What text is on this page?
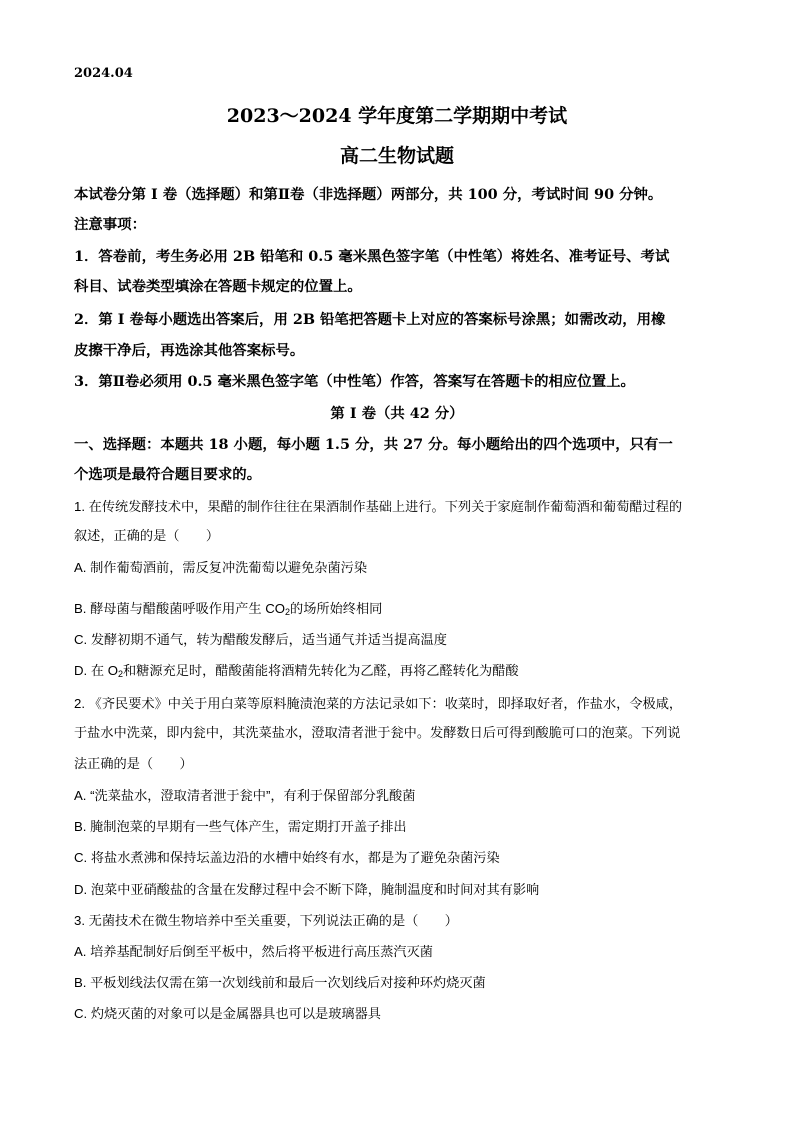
2024.04
2023～2024 学年度第二学期期中考试
高二生物试题
本试卷分第 I 卷（选择题）和第Ⅱ卷（非选择题）两部分，共 100 分，考试时间 90 分钟。
注意事项：
1．答卷前，考生务必用 2B 铅笔和 0.5 毫米黑色签字笔（中性笔）将姓名、准考证号、考试
科目、试卷类型填涂在答题卡规定的位置上。
2．第 I 卷每小题选出答案后，用 2B 铅笔把答题卡上对应的答案标号涂黑；如需改动，用橡
皮擦干净后，再选涂其他答案标号。
3．第Ⅱ卷必须用 0.5 毫米黑色签字笔（中性笔）作答，答案写在答题卡的相应位置上。
第 I 卷（共 42 分）
一、选择题：本题共 18 小题，每小题 1.5 分，共 27 分。每小题给出的四个选项中，只有一
个选项是最符合题目要求的。
1. 在传统发酵技术中，果醋的制作往往在果酒制作基础上进行。下列关于家庭制作葡萄酒和葡萄醋过程的
叙述，正确的是（　　）
A. 制作葡萄酒前，需反复冲洗葡萄以避免杂菌污染
B. 酵母菌与醋酸菌呼吸作用产生 $CO_2$的场所始终相同
C. 发酵初期不通气，转为醋酸发酵后，适当通气并适当提高温度
D. 在 $O_2$和糖源充足时，醋酸菌能将酒精先转化为乙醛，再将乙醛转化为醋酸
2. 《齐民要术》中关于用白菜等原料腌渍泡菜的方法记录如下：收菜时，即择取好者，作盐水，令极咸，
于盐水中洗菜，即内瓮中，其洗菜盐水，澄取清者泄于瓮中。发酵数日后可得到酸脆可口的泡菜。下列说
法正确的是（　　）
A. “洗菜盐水，澄取清者泄于瓮中”，有利于保留部分乳酸菌
B. 腌制泡菜的早期有一些气体产生，需定期打开盖子排出
C. 将盐水煮沸和保持坛盖边沿的水槽中始终有水，都是为了避免杂菌污染
D. 泡菜中亚硝酸盐的含量在发酵过程中会不断下降，腌制温度和时间对其有影响
3. 无菌技术在微生物培养中至关重要，下列说法正确的是（　　）
A. 培养基配制好后倒至平板中，然后将平板进行高压蒸汽灭菌
B. 平板划线法仅需在第一次划线前和最后一次划线后对接种环灼烧灭菌
C. 灼烧灭菌的对象可以是金属器具也可以是玻璃器具
